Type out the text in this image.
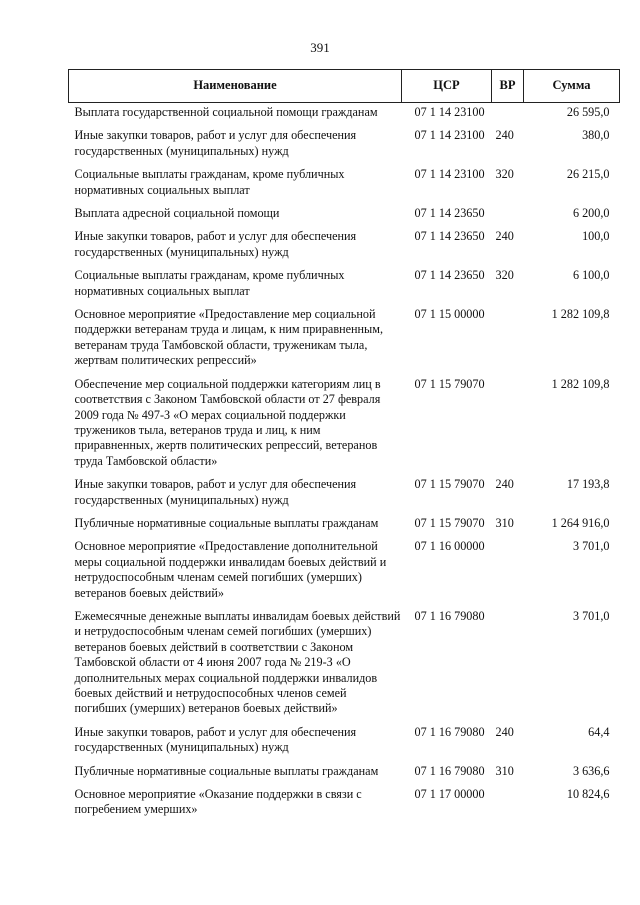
391
Наименование	ЦСР	ВР	Сумма
Выплата государственной социальной помощи гражданам	07 1 14 23100		26 595,0
Иные закупки товаров, работ и услуг для обеспечения государственных (муниципальных) нужд	07 1 14 23100	240	380,0
Социальные выплаты гражданам, кроме публичных нормативных социальных выплат	07 1 14 23100	320	26 215,0
Выплата адресной социальной помощи	07 1 14 23650		6 200,0
Иные закупки товаров, работ и услуг для обеспечения государственных (муниципальных) нужд	07 1 14 23650	240	100,0
Социальные выплаты гражданам, кроме публичных нормативных социальных выплат	07 1 14 23650	320	6 100,0
Основное мероприятие «Предоставление мер социальной поддержки ветеранам труда и лицам, к ним приравненным, ветеранам труда Тамбовской области, труженикам тыла, жертвам политических репрессий»	07 1 15 00000		1 282 109,8
Обеспечение мер социальной поддержки категориям лиц в соответствия с Законом Тамбовской области от 27 февраля 2009 года № 497-З «О мерах социальной поддержки тружеников тыла, ветеранов труда и лиц, к ним приравненных, жертв политических репрессий, ветеранов труда Тамбовской области»	07 1 15 79070		1 282 109,8
Иные закупки товаров, работ и услуг для обеспечения государственных (муниципальных) нужд	07 1 15 79070	240	17 193,8
Публичные нормативные социальные выплаты гражданам	07 1 15 79070	310	1 264 916,0
Основное мероприятие «Предоставление дополнительной меры социальной поддержки инвалидам боевых действий и нетрудоспособным членам семей погибших (умерших) ветеранов боевых действий»	07 1 16 00000		3 701,0
Ежемесячные денежные выплаты инвалидам боевых действий и нетрудоспособным членам семей погибших (умерших) ветеранов боевых действий в соответствии с Законом Тамбовской области от 4 июня 2007 года № 219-З «О дополнительных мерах социальной поддержки инвалидов боевых действий и нетрудоспособных членов семей погибших (умерших) ветеранов боевых действий»	07 1 16 79080		3 701,0
Иные закупки товаров, работ и услуг для обеспечения государственных (муниципальных) нужд	07 1 16 79080	240	64,4
Публичные нормативные социальные выплаты гражданам	07 1 16 79080	310	3 636,6
Основное мероприятие «Оказание поддержки в связи с погребением умерших»	07 1 17 00000		10 824,6
